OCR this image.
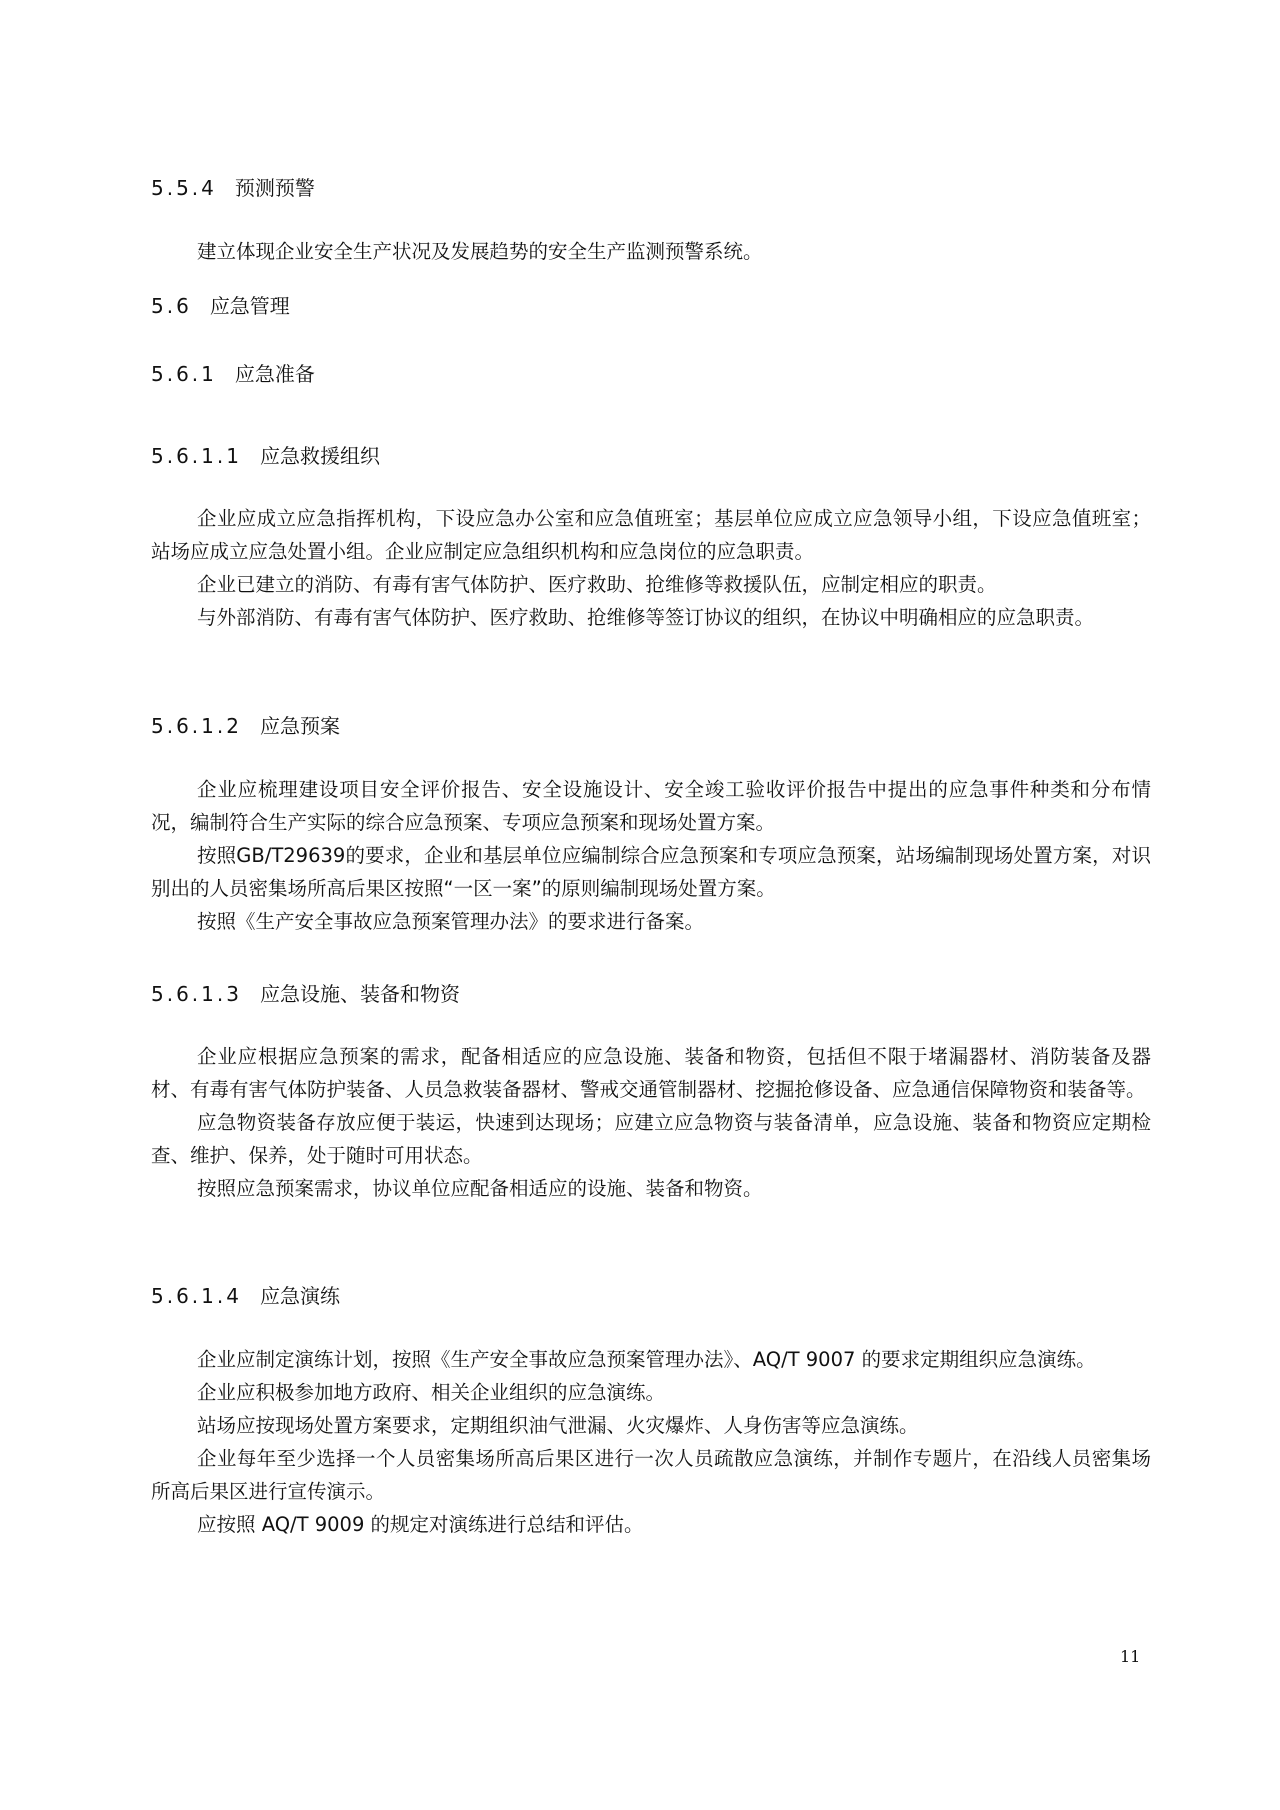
5.5.4 预测预警

建立体现企业安全生产状况及发展趋势的安全生产监测预警系统。

5.6 应急管理
5.6.1 应急准备
5.6.1.1 应急救援组织

企业应成立应急指挥机构，下设应急办公室和应急值班室；基层单位应成立应急领导小组，下设应急值班室；站场应成立应急处置小组。企业应制定应急组织机构和应急岗位的应急职责。

企业已建立的消防、有毒有害气体防护、医疗救助、抢维修等救援队伍，应制定相应的职责。

与外部消防、有毒有害气体防护、医疗救助、抢维修等签订协议的组织，在协议中明确相应的应急职责。

5.6.1.2 应急预案

企业应梳理建设项目安全评价报告、安全设施设计、安全竣工验收评价报告中提出的应急事件种类和分布情况，编制符合生产实际的综合应急预案、专项应急预案和现场处置方案。

按照GB/T29639的要求，企业和基层单位应编制综合应急预案和专项应急预案，站场编制现场处置方案，对识别出的人员密集场所高后果区按照“一区一案”的原则编制现场处置方案。

按照《生产安全事故应急预案管理办法》的要求进行备案。

5.6.1.3 应急设施、装备和物资

企业应根据应急预案的需求，配备相适应的应急设施、装备和物资，包括但不限于堵漏器材、消防装备及器材、有毒有害气体防护装备、人员急救装备器材、警戒交通管制器材、挖掘抢修设备、应急通信保障物资和装备等。

应急物资装备存放应便于装运，快速到达现场；应建立应急物资与装备清单，应急设施、装备和物资应定期检查、维护、保养，处于随时可用状态。

按照应急预案需求，协议单位应配备相适应的设施、装备和物资。

5.6.1.4 应急演练

企业应制定演练计划，按照《生产安全事故应急预案管理办法》、AQ/T 9007 的要求定期组织应急演练。

企业应积极参加地方政府、相关企业组织的应急演练。

站场应按现场处置方案要求，定期组织油气泄漏、火灾爆炸、人身伤害等应急演练。

企业每年至少选择一个人员密集场所高后果区进行一次人员疏散应急演练，并制作专题片，在沿线人员密集场所高后果区进行宣传演示。

应按照 AQ/T 9009 的规定对演练进行总结和评估。

11
